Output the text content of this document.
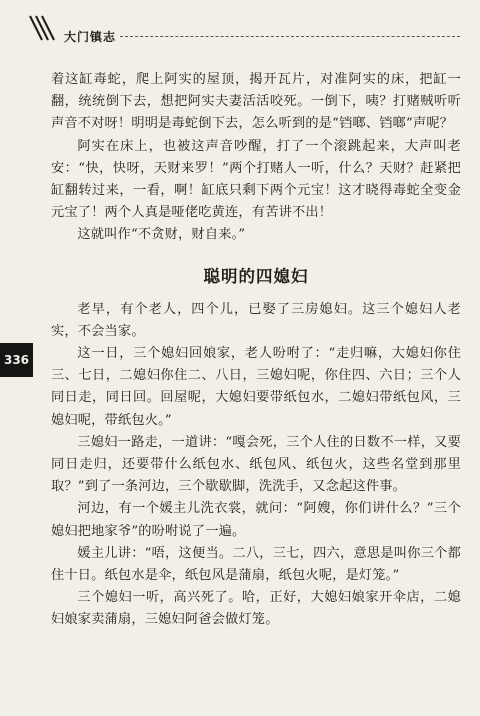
大门镇志
336

着这缸毒蛇，爬上阿实的屋顶，揭开瓦片，对准阿实的床，把缸一翻，统统倒下去，想把阿实夫妻活活咬死。一倒下，咦？打赌贼听听声音不对呀！明明是毒蛇倒下去，怎么听到的是“铛啷、铛啷”声呢？

阿实在床上，也被这声音吵醒，打了一个滚跳起来，大声叫老安：“快，快呀，天财来罗！”两个打赌人一听，什么？天财？赶紧把缸翻转过来，一看，啊！缸底只剩下两个元宝！这才晓得毒蛇全变金元宝了！两个人真是哑佬吃黄连，有苦讲不出！

这就叫作“不贪财，财自来。”

聪明的四媳妇

老早，有个老人，四个儿，已娶了三房媳妇。这三个媳妇人老实，不会当家。

这一日，三个媳妇回娘家，老人吩咐了：“走归嘛，大媳妇你住三、七日，二媳妇你住二、八日，三媳妇呢，你住四、六日；三个人同日走，同日回。回屋呢，大媳妇要带纸包水，二媳妇带纸包风，三媳妇呢，带纸包火。”

三媳妇一路走，一道讲：“嘎会死，三个人住的日数不一样，又要同日走归，还要带什么纸包水、纸包风、纸包火，这些名堂到那里取？”到了一条河边，三个歇歇脚，洗洗手，又念起这件事。

河边，有一个媛主儿洗衣裳，就问：“阿嫂，你们讲什么？”三个媳妇把地家爷”的吩咐说了一遍。

媛主儿讲：“唔，这便当。二八，三七，四六，意思是叫你三个都住十日。纸包水是伞，纸包风是蒲扇，纸包火呢，是灯笼。”

三个媳妇一听，高兴死了。哈，正好，大媳妇娘家开伞店，二媳妇娘家卖蒲扇，三媳妇阿爸会做灯笼。
